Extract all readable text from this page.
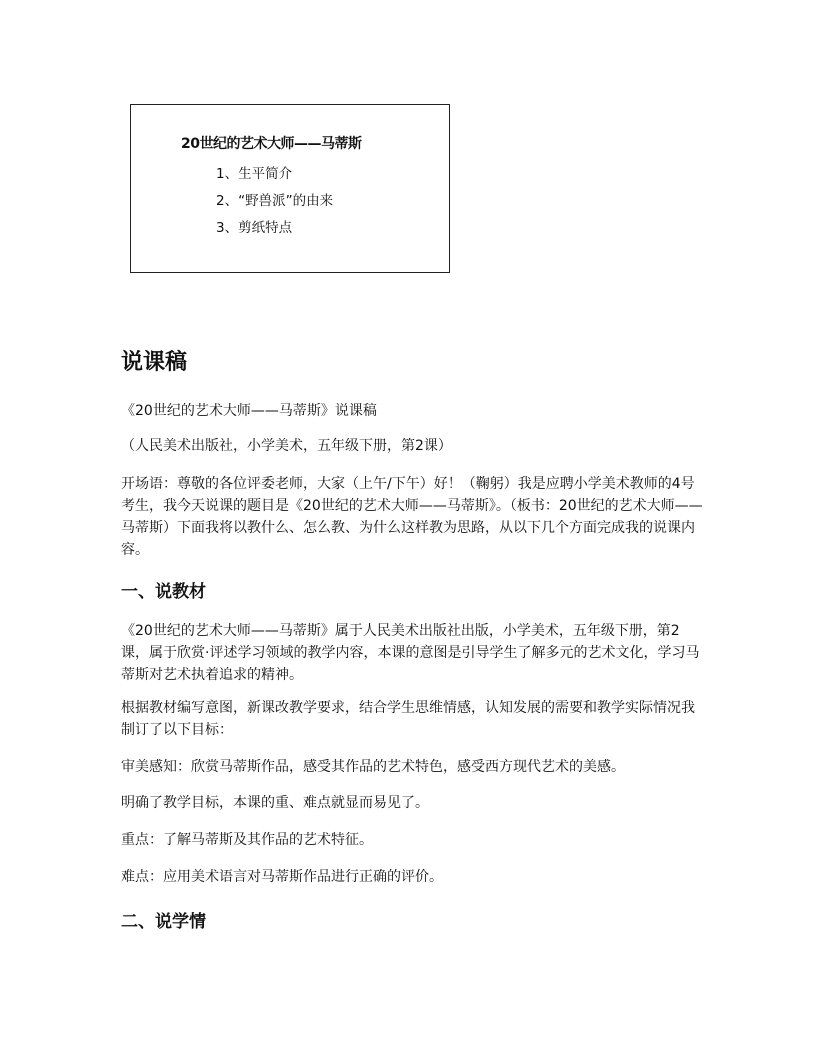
20世纪的艺术大师——马蒂斯
1、生平简介
2、“野兽派”的由来
3、剪纸特点
说课稿

《20世纪的艺术大师——马蒂斯》说课稿

（人民美术出版社，小学美术，五年级下册，第2课）

开场语：尊敬的各位评委老师，大家（上午/下午）好！（鞠躬）我是应聘小学美术教师的4号考生，我今天说课的题目是《20世纪的艺术大师——马蒂斯》。（板书：20世纪的艺术大师——马蒂斯）下面我将以教什么、怎么教、为什么这样教为思路，从以下几个方面完成我的说课内容。

一、说教材

《20世纪的艺术大师——马蒂斯》属于人民美术出版社出版，小学美术，五年级下册，第2课，属于欣赏·评述学习领域的教学内容，本课的意图是引导学生了解多元的艺术文化，学习马蒂斯对艺术执着追求的精神。

根据教材编写意图，新课改教学要求，结合学生思维情感，认知发展的需要和教学实际情况我制订了以下目标：

审美感知：欣赏马蒂斯作品，感受其作品的艺术特色，感受西方现代艺术的美感。

明确了教学目标，本课的重、难点就显而易见了。

重点：了解马蒂斯及其作品的艺术特征。

难点：应用美术语言对马蒂斯作品进行正确的评价。

二、说学情
